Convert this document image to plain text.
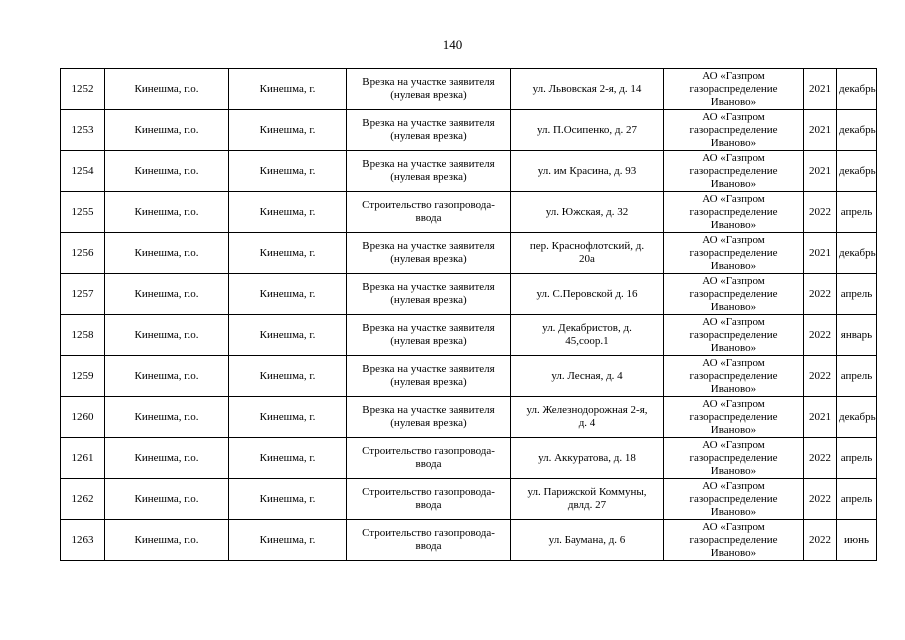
140
1252	Кинешма, г.о.	Кинешма, г.	Врезка на участке заявителя
(нулевая врезка)	ул. Львовская 2-я, д. 14	АО «Газпром
газораспределение
Иваново»	2021	декабрь
1253	Кинешма, г.о.	Кинешма, г.	Врезка на участке заявителя
(нулевая врезка)	ул. П.Осипенко, д. 27	АО «Газпром
газораспределение
Иваново»	2021	декабрь
1254	Кинешма, г.о.	Кинешма, г.	Врезка на участке заявителя
(нулевая врезка)	ул. им Красина, д. 93	АО «Газпром
газораспределение
Иваново»	2021	декабрь
1255	Кинешма, г.о.	Кинешма, г.	Строительство газопровода-
ввода	ул. Южская, д. 32	АО «Газпром
газораспределение
Иваново»	2022	апрель
1256	Кинешма, г.о.	Кинешма, г.	Врезка на участке заявителя
(нулевая врезка)	пер. Краснофлотский, д.
20а	АО «Газпром
газораспределение
Иваново»	2021	декабрь
1257	Кинешма, г.о.	Кинешма, г.	Врезка на участке заявителя
(нулевая врезка)	ул. С.Перовской д. 16	АО «Газпром
газораспределение
Иваново»	2022	апрель
1258	Кинешма, г.о.	Кинешма, г.	Врезка на участке заявителя
(нулевая врезка)	ул. Декабристов, д.
45,соор.1	АО «Газпром
газораспределение
Иваново»	2022	январь
1259	Кинешма, г.о.	Кинешма, г.	Врезка на участке заявителя
(нулевая врезка)	ул. Лесная, д. 4	АО «Газпром
газораспределение
Иваново»	2022	апрель
1260	Кинешма, г.о.	Кинешма, г.	Врезка на участке заявителя
(нулевая врезка)	ул. Железнодорожная 2-я,
д. 4	АО «Газпром
газораспределение
Иваново»	2021	декабрь
1261	Кинешма, г.о.	Кинешма, г.	Строительство газопровода-
ввода	ул. Аккуратова, д. 18	АО «Газпром
газораспределение
Иваново»	2022	апрель
1262	Кинешма, г.о.	Кинешма, г.	Строительство газопровода-
ввода	ул. Парижской Коммуны,
двлд. 27	АО «Газпром
газораспределение
Иваново»	2022	апрель
1263	Кинешма, г.о.	Кинешма, г.	Строительство газопровода-
ввода	ул. Баумана, д. 6	АО «Газпром
газораспределение
Иваново»	2022	июнь
